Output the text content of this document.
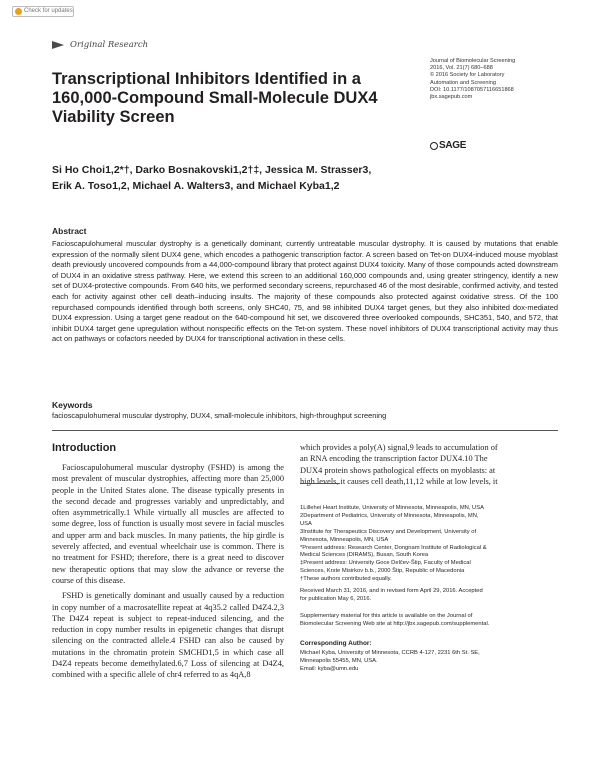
Check for updates
Original Research
Transcriptional Inhibitors Identified in a
160,000-Compound Small-Molecule DUX4
Viability Screen
Journal of Biomolecular Screening
2016, Vol. 21(7) 680–688
© 2016 Society for Laboratory
Automation and Screening
DOI: 10.1177/1087057116651868
jbx.sagepub.com
SAGE
Si Ho Choi1,2*†, Darko Bosnakovski1,2†‡, Jessica M. Strasser3,
Erik A. Toso1,2, Michael A. Walters3, and Michael Kyba1,2
Abstract
Facioscapulohumeral muscular dystrophy is a genetically dominant, currently untreatable muscular dystrophy. It is caused by mutations that enable expression of the normally silent DUX4 gene, which encodes a pathogenic transcription factor. A screen based on Tet-on DUX4-induced mouse myoblast death previously uncovered compounds from a 44,000-compound library that protect against DUX4 toxicity. Many of those compounds acted downstream of DUX4 in an oxidative stress pathway. Here, we extend this screen to an additional 160,000 compounds and, using greater stringency, identify a new set of DUX4-protective compounds. From 640 hits, we performed secondary screens, repurchased 46 of the most desirable, confirmed activity, and tested each for activity against other cell death–inducing insults. The majority of these compounds also protected against oxidative stress. Of the 100 repurchased compounds identified through both screens, only SHC40, 75, and 98 inhibited DUX4 target genes, but they also inhibited dox-mediated DUX4 expression. Using a target gene readout on the 640-compound hit set, we discovered three overlooked compounds, SHC351, 540, and 572, that inhibit DUX4 target gene upregulation without nonspecific effects on the Tet-on system. These novel inhibitors of DUX4 transcriptional activity may thus act on pathways or cofactors needed by DUX4 for transcriptional activation in these cells.
Keywords
facioscapulohumeral muscular dystrophy, DUX4, small-molecule inhibitors, high-throughput screening
Introduction

Facioscapulohumeral muscular dystrophy (FSHD) is among the most prevalent of muscular dystrophies, affecting more than 25,000 people in the United States alone. The disease typically presents in the second decade and progresses variably and unpredictably, and often asymmetrically.1 While virtually all muscles are affected to some degree, loss of function is usually most severe in facial muscles and upper arm and back muscles. In many patients, the hip girdle is severely affected, and eventual wheelchair use is common. There is no treatment for FSHD; therefore, there is a great need to discover new therapeutic options that may slow the advance or reverse the course of this disease.

FSHD is genetically dominant and usually caused by a reduction in copy number of a macrosatellite repeat at 4q35.2 called D4Z4.2,3 The D4Z4 repeat is subject to repeat-induced silencing, and the reduction in copy number results in epigenetic changes that disrupt silencing on the contracted allele.4 FSHD can also be caused by mutations in the chromatin protein SMCHD1,5 in which case all D4Z4 repeats become demethylated.6,7 Loss of silencing at D4Z4, combined with a specific allele of chr4 referred to as 4qA,8

which provides a poly(A) signal,9 leads to accumulation of
an RNA encoding the transcription factor DUX4.10 The
DUX4 protein shows pathological effects on myoblasts: at
high levels, it causes cell death,11,12 while at low levels, it
1Lillehei Heart Institute, University of Minnesota, Minneapolis, MN, USA
2Department of Pediatrics, University of Minnesota, Minneapolis, MN,
USA
3Institute for Therapeutics Discovery and Development, University of
Minnesota, Minneapolis, MN, USA
*Present address: Research Center, Dongnam Institute of Radiological &
Medical Sciences (DIRAMS), Busan, South Korea
‡Present address: University Goce Delčev-Štip, Faculty of Medical
Sciences, Krste Misirkov b.b., 2000 Štip, Republic of Macedonia
†These authors contributed equally.
Received March 31, 2016, and in revised form April 29, 2016. Accepted
for publication May 6, 2016.
Supplementary material for this article is available on the Journal of
Biomolecular Screening Web site at http://jbx.sagepub.com/supplemental.
Corresponding Author:
Michael Kyba, University of Minnesota, CCRB 4-127, 2231 6th St. SE,
Minneapolis 55455, MN, USA.
Email: kyba@umn.edu
